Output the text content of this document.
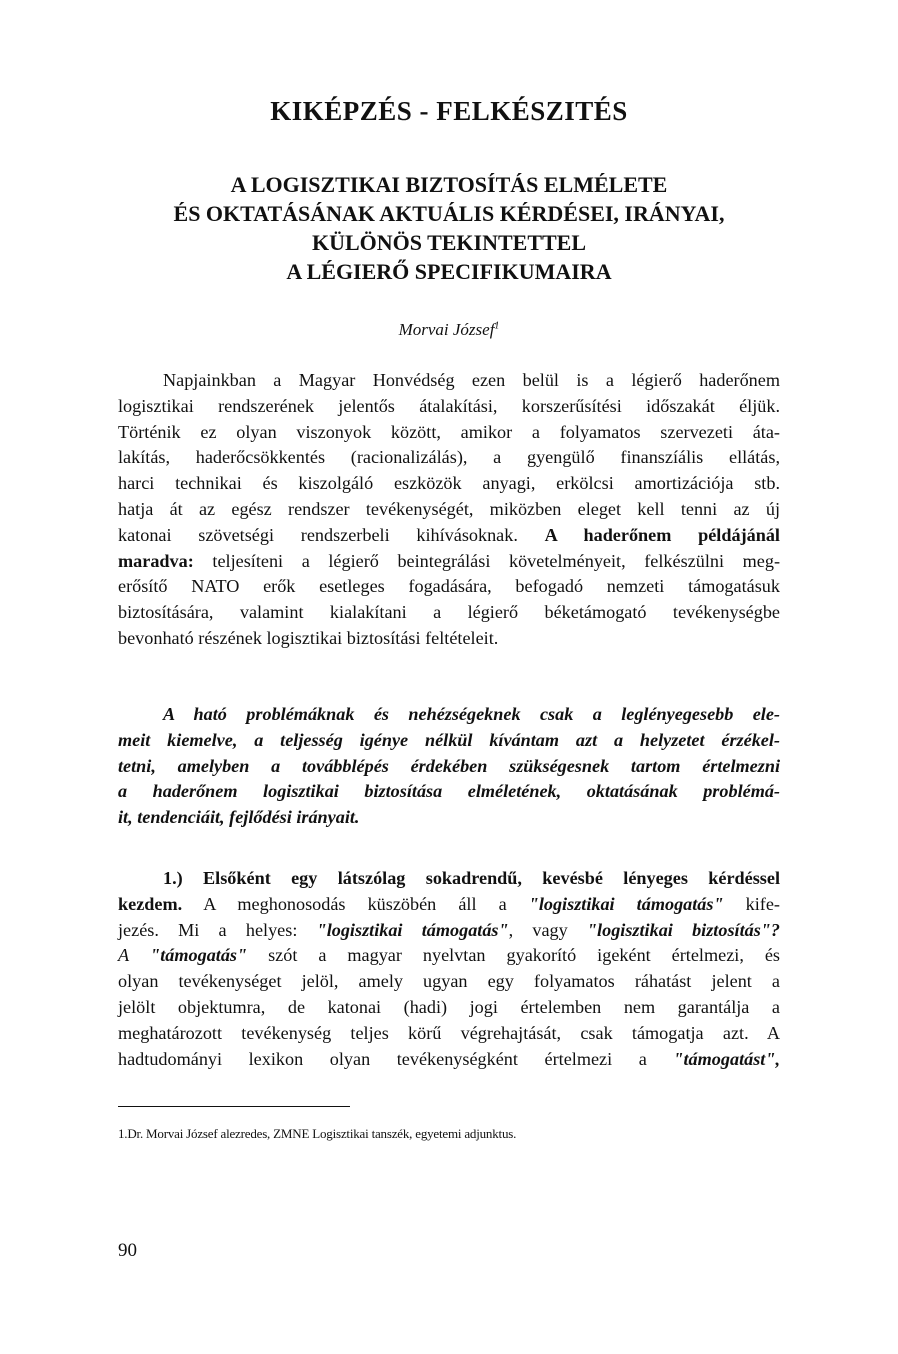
KIKÉPZÉS - FELKÉSZITÉS
A LOGISZTIKAI BIZTOSÍTÁS ELMÉLETE
ÉS OKTATÁSÁNAK AKTUÁLIS KÉRDÉSEI, IRÁNYAI,
KÜLÖNÖS TEKINTETTEL
A LÉGIERŐ SPECIFIKUMAIRA
Morvai József$^1$
Napjainkban a Magyar Honvédség ezen belül is a légierő haderőnem
logisztikai rendszerének jelentős átalakítási, korszerűsítési időszakát éljük.
Történik ez olyan viszonyok között, amikor a folyamatos szervezeti áta-
lakítás, haderőcsökkentés (racionalizálás), a gyengülő finanszíális ellátás,
harci technikai és kiszolgáló eszközök anyagi, erkölcsi amortizációja stb.
hatja át az egész rendszer tevékenységét, miközben eleget kell tenni az új
katonai szövetségi rendszerbeli kihívásoknak. A haderőnem példájánál
maradva: teljesíteni a légierő beintegrálási követelményeit, felkészülni meg-
erősítő NATO erők esetleges fogadására, befogadó nemzeti támogatásuk
biztosítására, valamint kialakítani a légierő béketámogató tevékenységbe
bevonható részének logisztikai biztosítási feltételeit.
A ható problémáknak és nehézségeknek csak a leglényegesebb ele-
meit kiemelve, a teljesség igénye nélkül kívántam azt a helyzetet érzékel-
tetni, amelyben a továbblépés érdekében szükségesnek tartom értelmezni
a haderőnem logisztikai biztosítása elméletének, oktatásának problémá-
it, tendenciáit, fejlődési irányait.
1.) Elsőként egy látszólag sokadrendű, kevésbé lényeges kérdéssel
kezdem. A meghonosodás küszöbén áll a "logisztikai támogatás" kife-
jezés. Mi a helyes: "logisztikai támogatás", vagy "logisztikai biztosítás"?
A "támogatás" szót a magyar nyelvtan gyakorító igeként értelmezi, és
olyan tevékenységet jelöl, amely ugyan egy folyamatos ráhatást jelent a
jelölt objektumra, de katonai (hadi) jogi értelemben nem garantálja a
meghatározott tevékenység teljes körű végrehajtását, csak támogatja azt. A
hadtudományi lexikon olyan tevékenységként értelmezi a "támogatást",
1.Dr. Morvai József alezredes, ZMNE Logisztikai tanszék, egyetemi adjunktus.
90
